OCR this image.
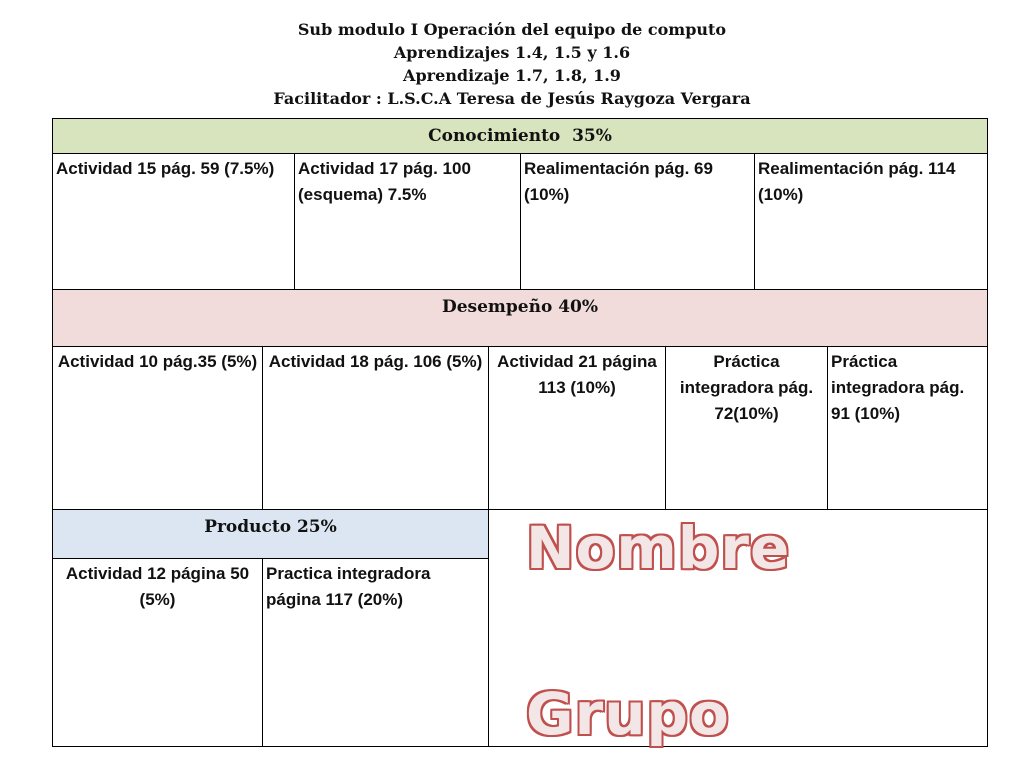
Sub modulo I Operación del equipo de computo
Aprendizajes 1.4, 1.5 y 1.6
Aprendizaje 1.7, 1.8, 1.9
Facilitador : L.S.C.A Teresa de Jesús Raygoza Vergara
Conocimiento  35%
Actividad 15 pág. 59 (7.5%)	Actividad 17 pág. 100 (esquema) 7.5%
Realimentación pág. 69 (10%)
Realimentación pág. 114 (10%)
Desempeño 40%
Actividad 10 pág.35 (5%) Actividad 18 pág. 106 (5%) Actividad 21 página 113 (10%)
Práctica integradora pág. 72(10%)
Práctica integradora pág. 91 (10%)
Producto 25%
Actividad 12 página 50 (5%)
Practica integradora página 117 (20%)
Nombre
Grupo
